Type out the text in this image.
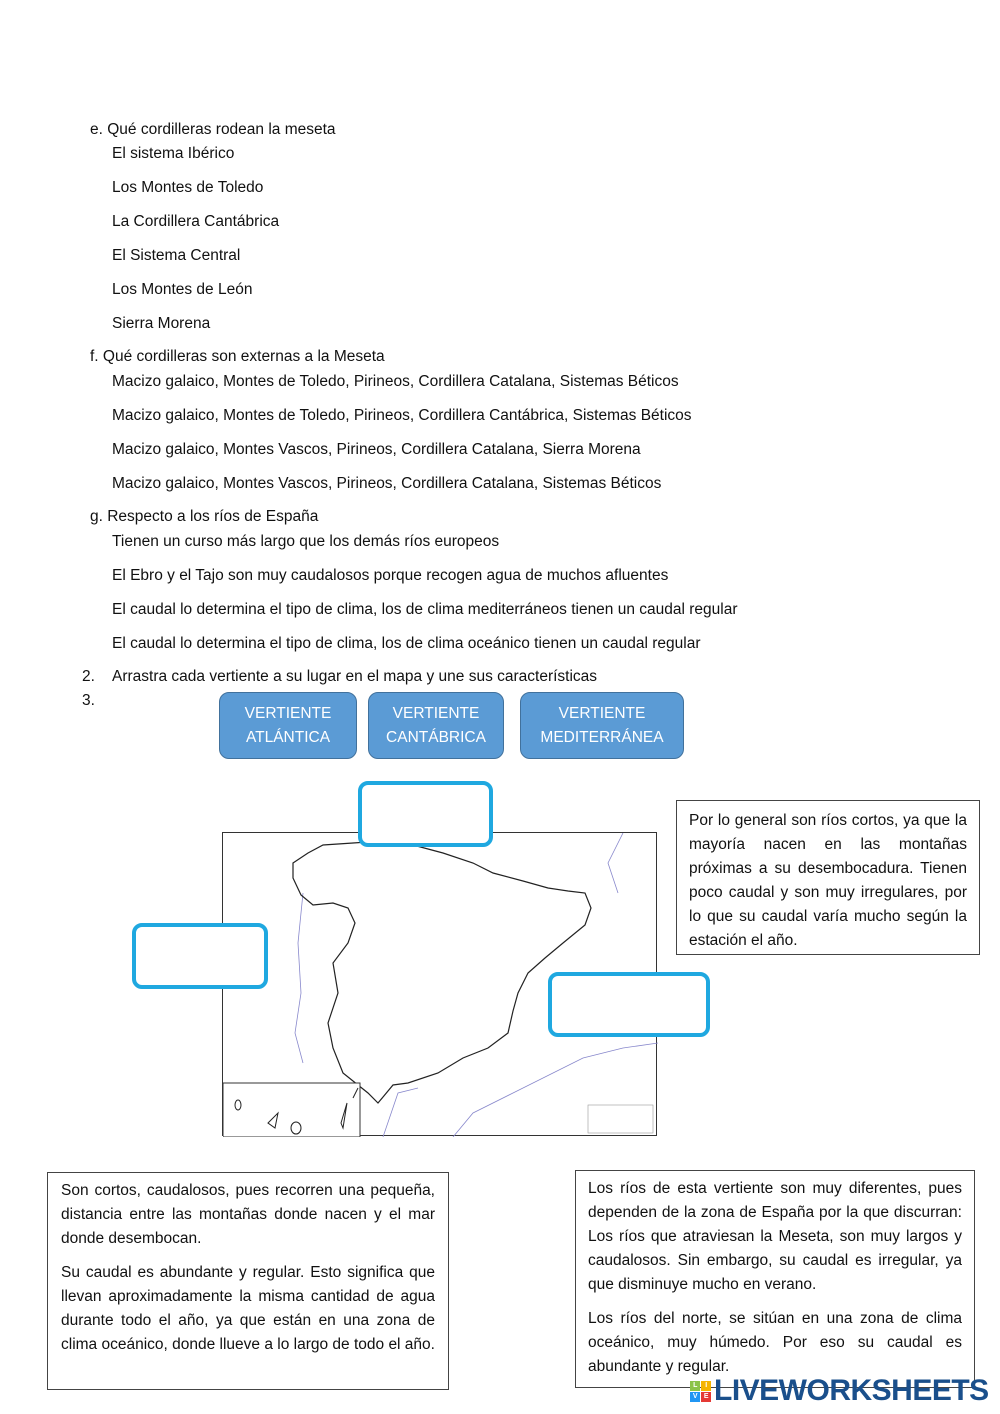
e. Qué cordilleras rodean la meseta
El sistema Ibérico
Los Montes de Toledo
La Cordillera Cantábrica
El Sistema Central
Los Montes de León
Sierra Morena
f. Qué cordilleras son externas a la Meseta
Macizo galaico, Montes de Toledo, Pirineos, Cordillera Catalana, Sistemas Béticos
Macizo galaico, Montes de Toledo, Pirineos, Cordillera Cantábrica, Sistemas Béticos
Macizo galaico, Montes Vascos, Pirineos, Cordillera Catalana, Sierra Morena
Macizo galaico, Montes Vascos, Pirineos, Cordillera Catalana, Sistemas Béticos
g. Respecto a los ríos de España
Tienen un curso más largo que los demás ríos europeos
El Ebro y el Tajo son muy caudalosos porque recogen agua de muchos afluentes
El caudal lo determina el tipo de clima, los de clima mediterráneos tienen un caudal regular
El caudal lo determina el tipo de clima, los de clima oceánico tienen un caudal regular
2. Arrastra cada vertiente a su lugar en el mapa y une sus características
3.
VERTIENTE
ATLÁNTICA
VERTIENTE
CANTÁBRICA
VERTIENTE
MEDITERRÁNEA

Por lo general son ríos cortos, ya que la mayoría nacen en las montañas próximas a su desembocadura. Tienen poco caudal y son muy irregulares, por lo que su caudal varía mucho según la estación el año.

Son cortos, caudalosos, pues recorren una pequeña, distancia entre las montañas donde nacen y el mar donde desembocan.

Su caudal es abundante y regular. Esto significa que llevan aproximadamente la misma cantidad de agua durante todo el año, ya que están en una zona de clima oceánico, donde llueve a lo largo de todo el año.

Los ríos de esta vertiente son muy diferentes, pues dependen de la zona de España por la que discurran: Los ríos que atraviesan la Meseta, son muy largos y caudalosos. Sin embargo, su caudal es irregular, ya que disminuye mucho en verano.

Los ríos del norte, se sitúan en una zona de clima oceánico, muy húmedo. Por eso su caudal es abundante y regular.

L	I
V E LIVEWORKSHEETS
